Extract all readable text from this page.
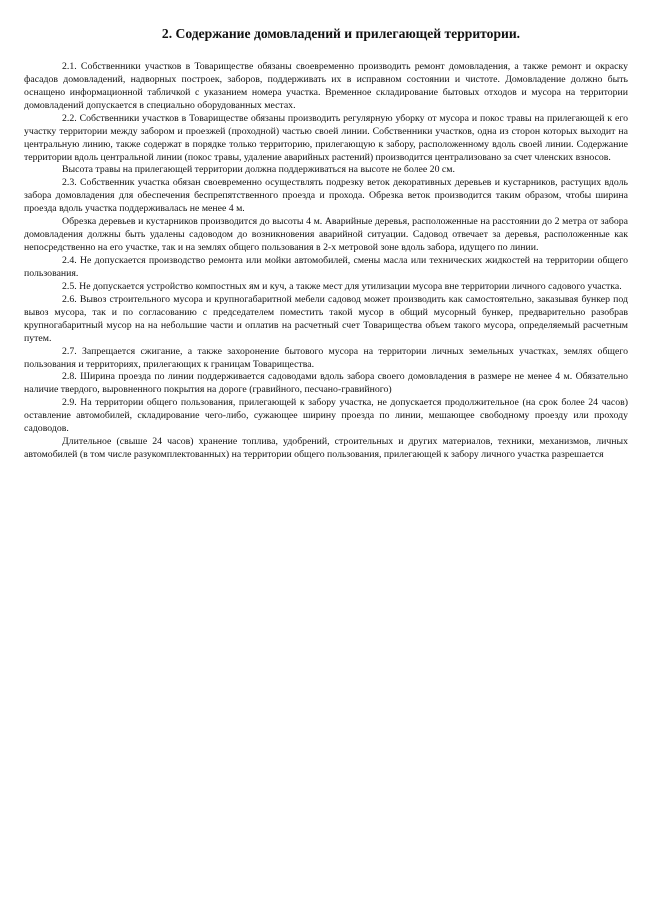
2. Содержание домовладений и прилегающей территории.

2.1. Собственники участков в Товариществе обязаны своевременно производить ремонт домовладения, а также ремонт и окраску фасадов домовладений, надворных построек, заборов, поддерживать их в исправном состоянии и чистоте. Домовладение должно быть оснащено информационной табличкой с указанием номера участка. Временное складирование бытовых отходов и мусора на территории домовладений допускается в специально оборудованных местах.

2.2. Собственники участков в Товариществе обязаны производить регулярную уборку от мусора и покос травы на прилегающей к его участку территории между забором и проезжей (проходной) частью своей линии. Собственники участков, одна из сторон которых выходит на центральную линию, также содержат в порядке только территорию, прилегающую к забору, расположенному вдоль своей линии. Содержание территории вдоль центральной линии (покос травы, удаление аварийных растений) производится централизовано за счет членских взносов.

Высота травы на прилегающей территории должна поддерживаться на высоте не более 20 см.

2.3. Собственник участка обязан своевременно осуществлять подрезку веток декоративных деревьев и кустарников, растущих вдоль забора домовладения для обеспечения беспрепятственного проезда и прохода. Обрезка веток производится таким образом, чтобы ширина проезда вдоль участка поддерживалась не менее 4 м.

Обрезка деревьев и кустарников производится до высоты 4 м. Аварийные деревья, расположенные на расстоянии до 2 метра от забора домовладения должны быть удалены садоводом до возникновения аварийной ситуации. Садовод отвечает за деревья, расположенные как непосредственно на его участке, так и на землях общего пользования в 2-х метровой зоне вдоль забора, идущего по линии.

2.4. Не допускается производство ремонта или мойки автомобилей, смены масла или технических жидкостей на территории общего пользования.

2.5. Не допускается устройство компостных ям и куч, а также мест для утилизации мусора вне территории личного садового участка.

2.6. Вывоз строительного мусора и крупногабаритной мебели садовод может производить как самостоятельно, заказывая бункер под вывоз мусора, так и по согласованию с председателем поместить такой мусор в общий мусорный бункер, предварительно разобрав крупногабаритный мусор на на небольшие части и оплатив на расчетный счет Товарищества объем такого мусора, определяемый расчетным путем.

2.7. Запрещается сжигание, а также захоронение бытового мусора на территории личных земельных участках, землях общего пользования и территориях, прилегающих к границам Товарищества.

2.8. Ширина проезда по линии поддерживается садоводами вдоль забора своего домовладения в размере не менее 4 м. Обязательно наличие твердого, выровненного покрытия на дороге (гравийного, песчано-гравийного)

2.9. На территории общего пользования, прилегающей к забору участка, не допускается продолжительное (на срок более 24 часов) оставление автомобилей, складирование чего-либо, сужающее ширину проезда по линии, мешающее свободному проезду или проходу садоводов.

Длительное (свыше 24 часов) хранение топлива, удобрений, строительных и других материалов, техники, механизмов, личных автомобилей (в том числе разукомплектованных) на территории общего пользования, прилегающей к забору личного участка разрешается
